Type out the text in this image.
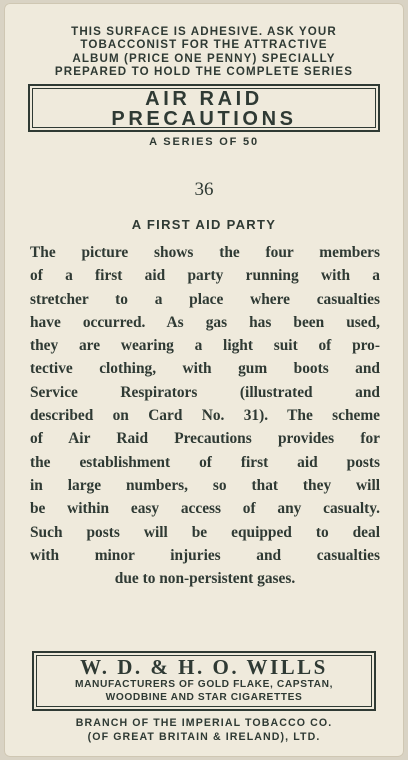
THIS SURFACE IS ADHESIVE. ASK YOUR
TOBACCONIST FOR THE ATTRACTIVE
ALBUM (PRICE ONE PENNY) SPECIALLY
PREPARED TO HOLD THE COMPLETE SERIES
AIR RAID
PRECAUTIONS
A SERIES OF 50
36
A FIRST AID PARTY
The picture shows the four members
of a first aid party running with a
stretcher to a place where casualties
have occurred. As gas has been used,
they are wearing a light suit of pro-
tective clothing, with gum boots and
Service Respirators (illustrated and
described on Card No. 31). The scheme
of Air Raid Precautions provides for
the establishment of first aid posts
in large numbers, so that they will
be within easy access of any casualty.
Such posts will be equipped to deal
with minor injuries and casualties
due to non-persistent gases.
W. D. & H. O. WILLS
MANUFACTURERS OF GOLD FLAKE, CAPSTAN,
WOODBINE AND STAR CIGARETTES
BRANCH OF THE IMPERIAL TOBACCO CO.
(OF GREAT BRITAIN & IRELAND), LTD.
